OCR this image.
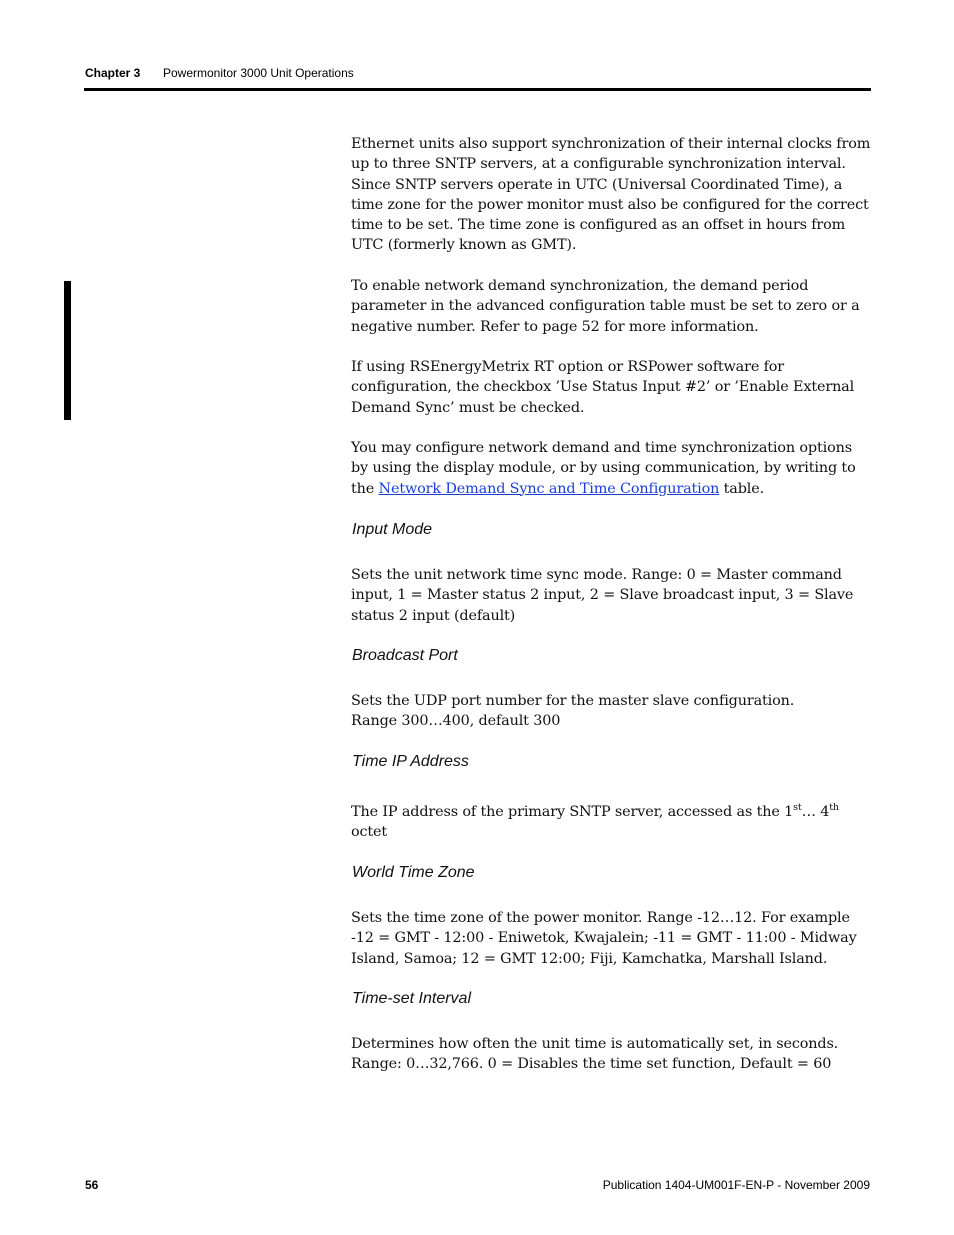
Chapter 3 Powermonitor 3000 Unit Operations
Ethernet units also support synchronization of their internal clocks from up to three SNTP servers, at a configurable synchronization interval. Since SNTP servers operate in UTC (Universal Coordinated Time), a time zone for the power monitor must also be configured for the correct time to be set. The time zone is configured as an offset in hours from UTC (formerly known as GMT).
To enable network demand synchronization, the demand period parameter in the advanced configuration table must be set to zero or a negative number. Refer to page 52 for more information.
If using RSEnergyMetrix RT option or RSPower software for configuration, the checkbox ’Use Status Input #2’ or ’Enable External Demand Sync’ must be checked.
You may configure network demand and time synchronization options by using the display module, or by using communication, by writing to the Network Demand Sync and Time Configuration table.
Input Mode
Sets the unit network time sync mode. Range: 0 = Master command input, 1 = Master status 2 input, 2 = Slave broadcast input, 3 = Slave status 2 input (default)
Broadcast Port
Sets the UDP port number for the master slave configuration.
Range 300…400, default 300
Time IP Address
The IP address of the primary SNTP server, accessed as the 1st… 4th
octet
World Time Zone
Sets the time zone of the power monitor. Range -12…12. For example -12 = GMT - 12:00 - Eniwetok, Kwajalein; -11 = GMT - 11:00 - Midway Island, Samoa; 12 = GMT 12:00; Fiji, Kamchatka, Marshall Island.
Time-set Interval
Determines how often the unit time is automatically set, in seconds. Range: 0…32,766. 0 = Disables the time set function, Default = 60
56	Publication 1404-UM001F-EN-P - November 2009
